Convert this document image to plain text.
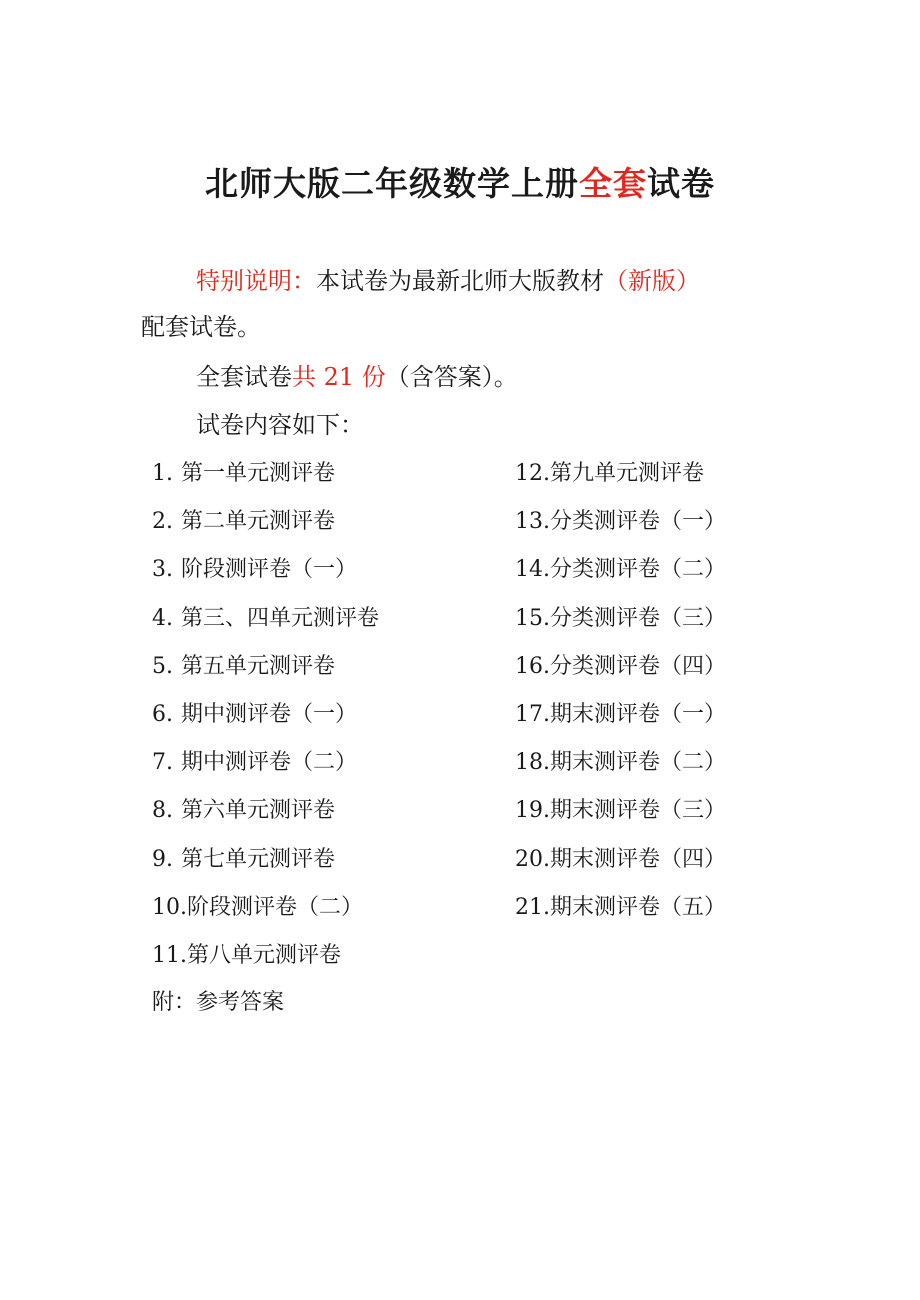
北师大版二年级数学上册全套试卷
特别说明：本试卷为最新北师大版教材（新版）
配套试卷。
全套试卷共 21 份（含答案）。
试卷内容如下：
1. 第一单元测评卷
2. 第二单元测评卷
3. 阶段测评卷（一）
4. 第三、四单元测评卷
5. 第五单元测评卷
6. 期中测评卷（一）
7. 期中测评卷（二）
8. 第六单元测评卷
9. 第七单元测评卷
10.阶段测评卷（二）
11.第八单元测评卷
12.第九单元测评卷
13.分类测评卷（一）
14.分类测评卷（二）
15.分类测评卷（三）
16.分类测评卷（四）
17.期末测评卷（一）
18.期末测评卷（二）
19.期末测评卷（三）
20.期末测评卷（四）
21.期末测评卷（五）
附：参考答案
